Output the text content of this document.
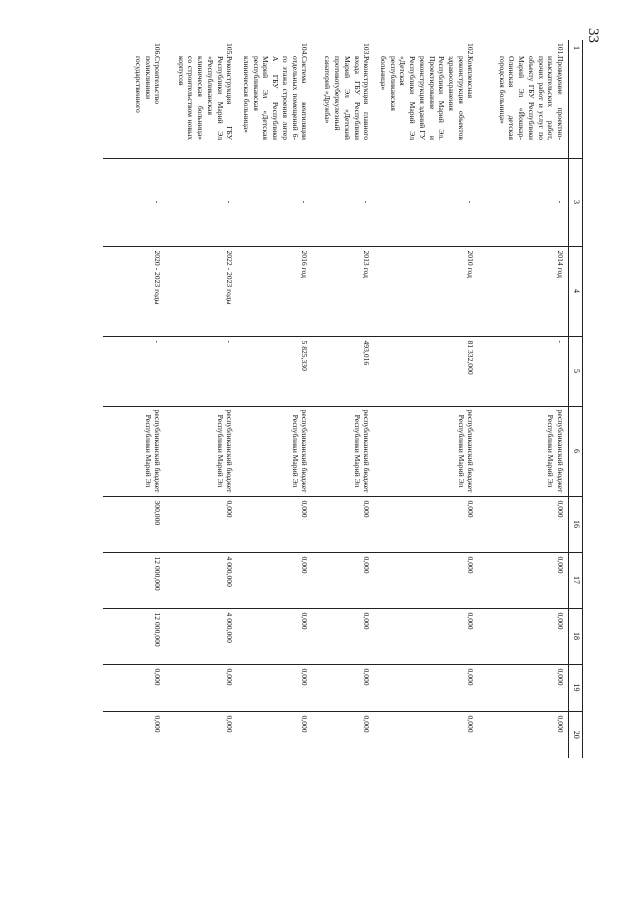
33
1	3	4	5	6	16	17	18	19	20
101.Проведение проектно-изыскательских работ, прочих работ и услуг по объекту ГБУ Республики Марий Эл «Йошкар-Олинская детская городская больница»	-	2014 год	-	республиканский бюджет Республики Марий Эл	0,000	0,000	0,000	0,000	0,000
102.Комплексная реконструкция объектов здравоохранения Республики Марий Эл. Проектирование и реконструкция зданий ГУ Республики Марий Эл «Детская республиканская больница»	-	2010 год	81 332,000	республиканский бюджет Республики Марий Эл	0,000	0,000	0,000	0,000	0,000
103.Реконструкция главного входа ГБУ Республики Марий Эл «Детский противотуберкулезный санаторий «Дружба»	-	2013 год	493,016	республиканский бюджет Республики Марий Эл	0,000	0,000	0,000	0,000	0,000
104.Система вентиляции отдельных помещений 6-го этажа строения литер А ГБУ Республики Марий Эл «Детская республиканская клиническая больница»	-	2016 год	5 825,330	республиканский бюджет Республики Марий Эл	0,000	0,000	0,000	0,000	0,000
105.Реконструкция ГБУ Республики Марий Эл «Республиканская клиническая больница» со строительством новых корпусов	-	2022 - 2023 годы	-	республиканский бюджет Республики Марий Эл	0,000	4 000,000	4 000,000	0,000	0,000
106.Строительство поликлиники государственного	-	2020 - 2023 годы	-	республиканский бюджет Республики Марий Эл	300,000	12 000,000	12 000,000	0,000	0,000
